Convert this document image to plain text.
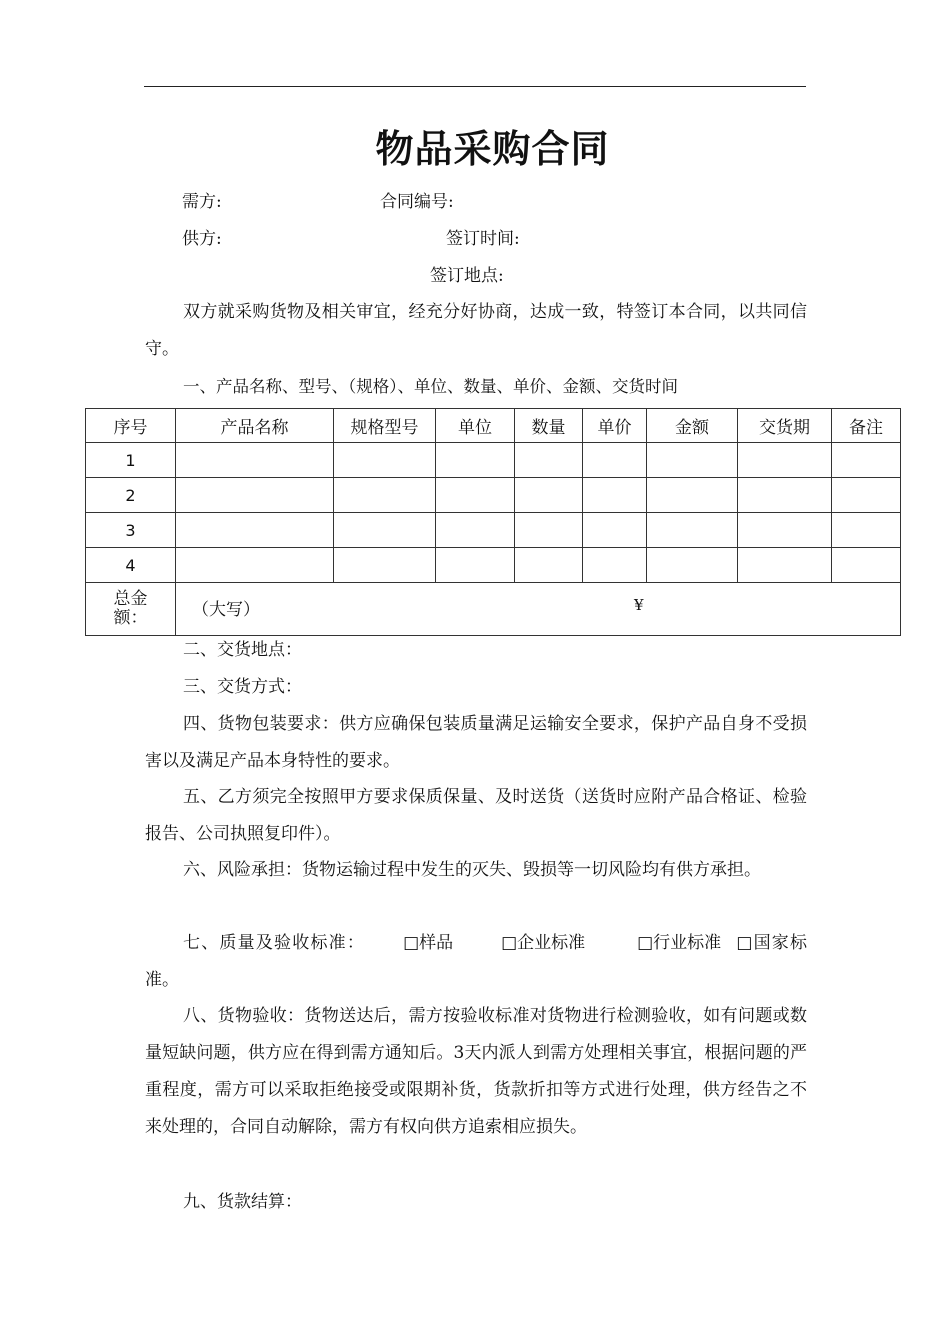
物品采购合同
需方:	合同编号:
供方:	签订时间:
签订地点:

双方就采购货物及相关审宜，经充分好协商，达成一致，特签订本合同，以共同信守。

一、产品名称、型号、（规格）、单位、数量、单价、金额、交货时间
序号	产品名称	规格型号	单位	数量	单价	金额	交货期	备注
1								
2								
3								
4								
总金额：	（大写） ¥							

二、交货地点：

三、交货方式：

四、货物包装要求：供方应确保包装质量满足运输安全要求，保护产品自身不受损害以及满足产品本身特性的要求。

五、乙方须完全按照甲方要求保质保量、及时送货（送货时应附产品合格证、检验报告、公司执照复印件）。

六、风险承担：货物运输过程中发生的灭失、毁损等一切风险均有供方承担。

七、质量及验收标准： □样品	□企业标准	□行业标准 □国家标准。

八、货物验收：货物送达后，需方按验收标准对货物进行检测验收，如有问题或数量短缺问题，供方应在得到需方通知后。3天内派人到需方处理相关事宜，根据问题的严重程度，需方可以采取拒绝接受或限期补货，货款折扣等方式进行处理，供方经告之不来处理的，合同自动解除，需方有权向供方追索相应损失。

九、货款结算：
